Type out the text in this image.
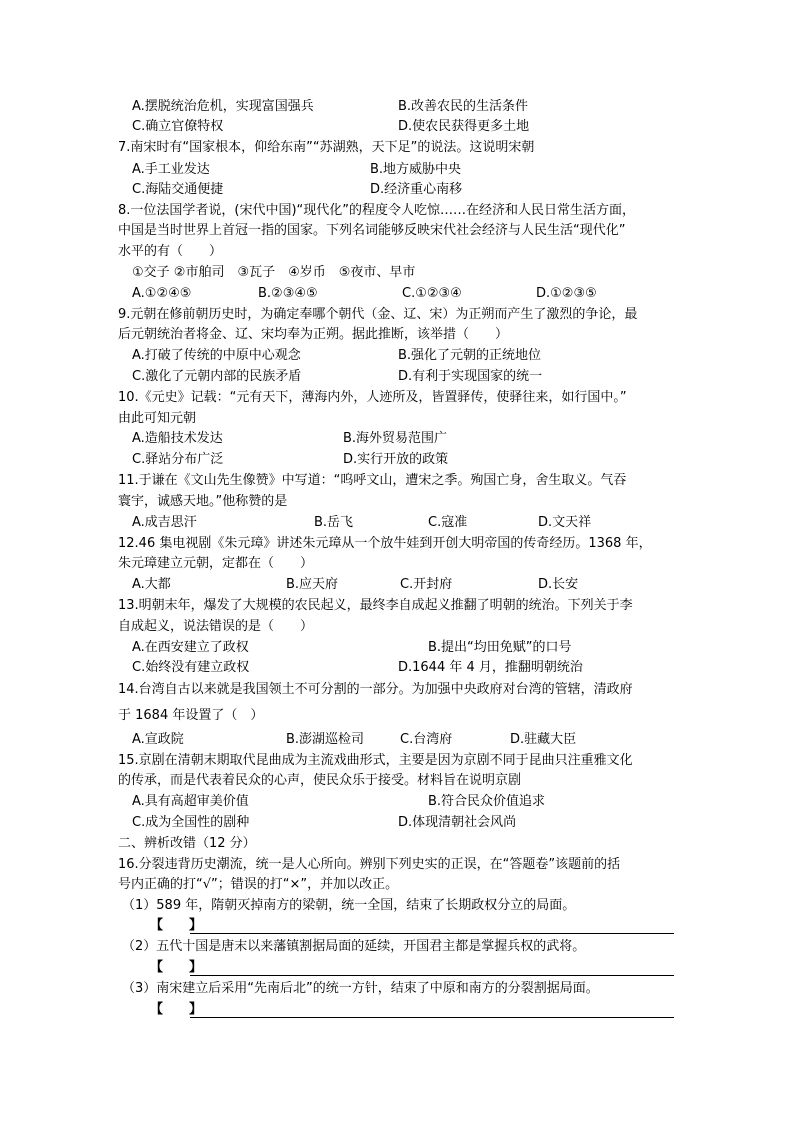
A.摆脱统治危机，实现富国强兵	B.改善农民的生活条件
C.确立官僚特权	D.使农民获得更多土地
7.南宋时有“国家根本，仰给东南”“苏湖熟，天下足”的说法。这说明宋朝
A.手工业发达	B.地方威胁中央
C.海陆交通便捷	D.经济重心南移
8.一位法国学者说，(宋代中国)“现代化”的程度令人吃惊……在经济和人民日常生活方面，
中国是当时世界上首冠一指的国家。下列名词能够反映宋代社会经济与人民生活“现代化”
水平的有（　　）
①交子 ②市舶司　③瓦子　④岁币　⑤夜市、早市
A.①②④⑤	B.②③④⑤	C.①②③④	D.①②③⑤
9.元朝在修前朝历史时，为确定奉哪个朝代（金、辽、宋）为正朔而产生了激烈的争论，最
后元朝统治者将金、辽、宋均奉为正朔。据此推断，该举措（　　）
A.打破了传统的中原中心观念	B.强化了元朝的正统地位
C.激化了元朝内部的民族矛盾	D.有利于实现国家的统一
10.《元史》记载：“元有天下，薄海内外，人迹所及，皆置驿传，使驿往来，如行国中。”
由此可知元朝
A.造船技术发达	B.海外贸易范围广
C.驿站分布广泛	D.实行开放的政策
11.于谦在《文山先生像赞》中写道：“呜呼文山，遭宋之季。殉国亡身，舍生取义。气吞
寰宇，诚感天地。”他称赞的是
A.成吉思汗	B.岳飞	C.寇准	D.文天祥
12.46 集电视剧《朱元璋》讲述朱元璋从一个放牛娃到开创大明帝国的传奇经历。1368 年，
朱元璋建立元朝，定都在（　　）
A.大都	B.应天府	C.开封府	D.长安
13.明朝末年，爆发了大规模的农民起义，最终李自成起义推翻了明朝的统治。下列关于李
自成起义，说法错误的是（　　）
A.在西安建立了政权	B.提出“均田免赋”的口号
C.始终没有建立政权	D.1644 年 4 月，推翻明朝统治
14.台湾自古以来就是我国领土不可分割的一部分。为加强中央政府对台湾的管辖，清政府
于 1684 年设置了（　）
A.宣政院	B.澎湖巡检司	C.台湾府	D.驻藏大臣
15.京剧在清朝末期取代昆曲成为主流戏曲形式，主要是因为京剧不同于昆曲只注重雅文化
的传承，而是代表着民众的心声，使民众乐于接受。材料旨在说明京剧
A.具有高超审美价值	B.符合民众价值追求
C.成为全国性的剧种	D.体现清朝社会风尚
二、辨析改错（12 分）
16.分裂违背历史潮流，统一是人心所向。辨别下列史实的正误，在“答题卷”该题前的括
号内正确的打“√”；错误的打“×”，并加以改正。
（1）589 年，隋朝灭掉南方的梁朝，统一全国，结束了长期政权分立的局面。
【　　】
（2）五代十国是唐末以来藩镇割据局面的延续，开国君主都是掌握兵权的武将。
【　　】
（3）南宋建立后采用“先南后北”的统一方针，结束了中原和南方的分裂割据局面。
【　　】
